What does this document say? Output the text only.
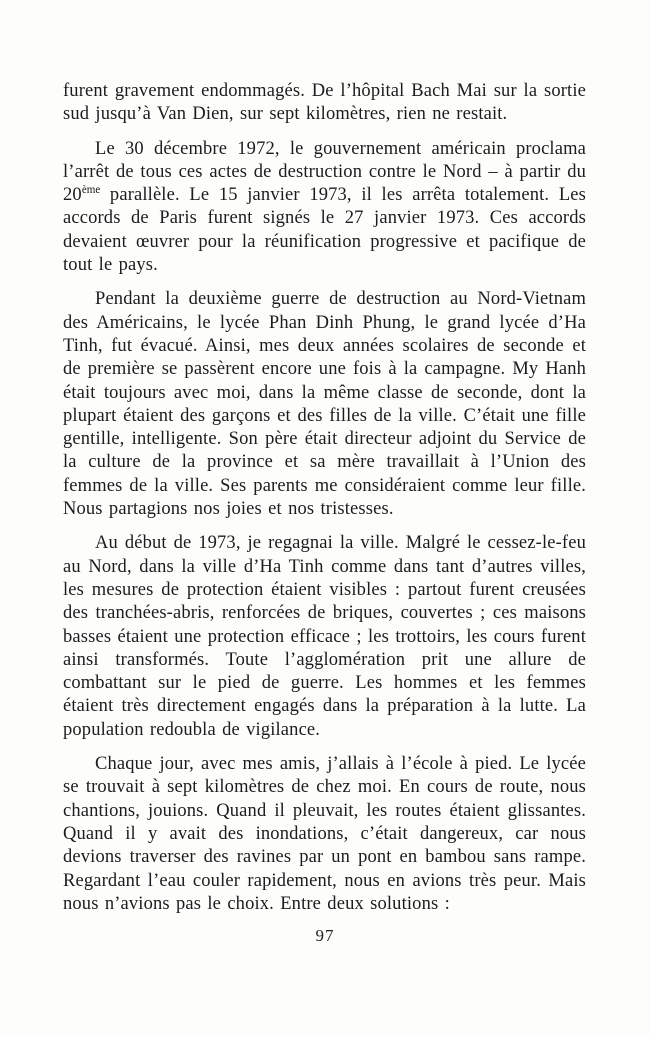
furent gravement endommagés. De l’hôpital Bach Mai sur la sortie sud jusqu’à Van Dien, sur sept kilomètres, rien ne restait.

Le 30 décembre 1972, le gouvernement américain proclama l’arrêt de tous ces actes de destruction contre le Nord – à partir du 20ème parallèle. Le 15 janvier 1973, il les arrêta totalement. Les accords de Paris furent signés le 27 janvier 1973. Ces accords devaient œuvrer pour la réunification progressive et pacifique de tout le pays.

Pendant la deuxième guerre de destruction au Nord-Vietnam des Américains, le lycée Phan Dinh Phung, le grand lycée d’Ha Tinh, fut évacué. Ainsi, mes deux années scolaires de seconde et de première se passèrent encore une fois à la campagne. My Hanh était toujours avec moi, dans la même classe de seconde, dont la plupart étaient des garçons et des filles de la ville. C’était une fille gentille, intelligente. Son père était directeur adjoint du Service de la culture de la province et sa mère travaillait à l’Union des femmes de la ville. Ses parents me considéraient comme leur fille. Nous partagions nos joies et nos tristesses.

Au début de 1973, je regagnai la ville. Malgré le cessez-le-feu au Nord, dans la ville d’Ha Tinh comme dans tant d’autres villes, les mesures de protection étaient visibles : partout furent creusées des tranchées-abris, renforcées de briques, couvertes ; ces maisons basses étaient une protection efficace ; les trottoirs, les cours furent ainsi transformés. Toute l’agglomération prit une allure de combattant sur le pied de guerre. Les hommes et les femmes étaient très directement engagés dans la préparation à la lutte. La population redoubla de vigilance.

Chaque jour, avec mes amis, j’allais à l’école à pied. Le lycée se trouvait à sept kilomètres de chez moi. En cours de route, nous chantions, jouions. Quand il pleuvait, les routes étaient glissantes. Quand il y avait des inondations, c’était dangereux, car nous devions traverser des ravines par un pont en bambou sans rampe. Regardant l’eau couler rapidement, nous en avions très peur. Mais nous n’avions pas le choix. Entre deux solutions :

97
